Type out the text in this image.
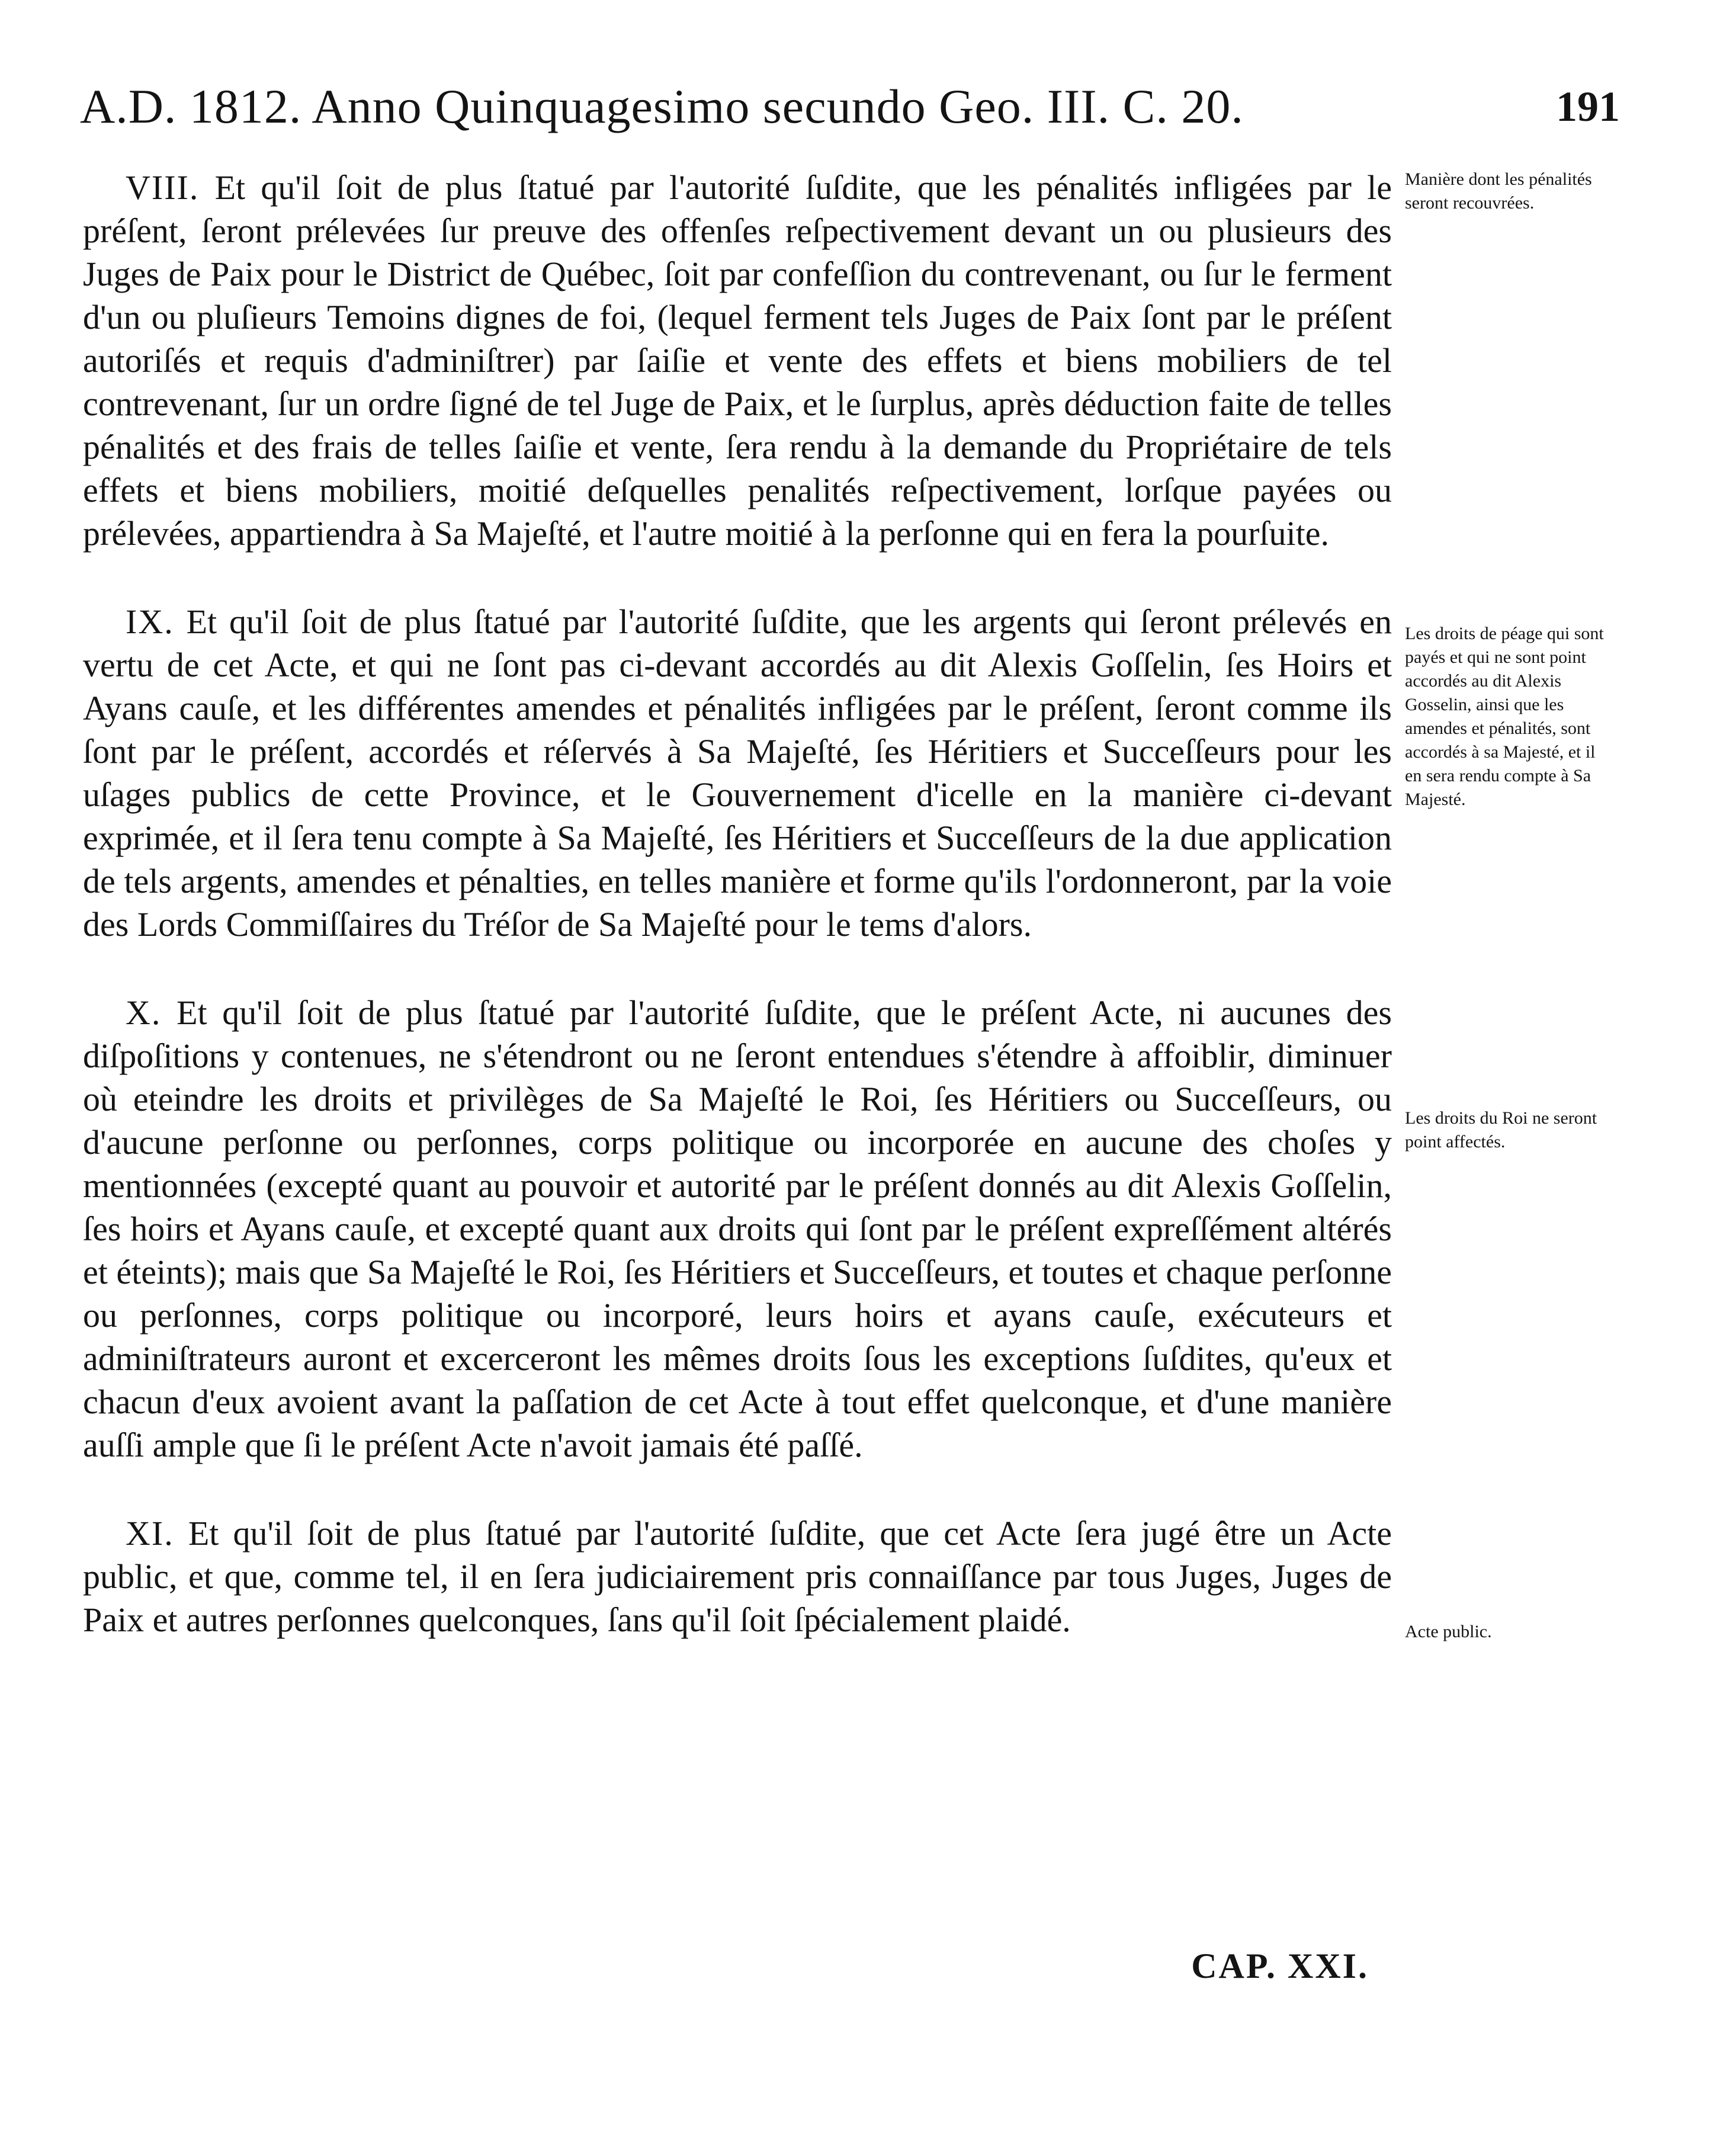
A.D. 1812. Anno Quinquagesimo secundo Geo. III. C. 20.	191

VIII. Et qu'il ſoit de plus ſtatué par l'autorité ſuſdite, que les pénalités infligées par le préſent, ſeront prélevées ſur preuve des offenſes reſpectivement devant un ou plusieurs des Juges de Paix pour le District de Québec, ſoit par confeſſion du contrevenant, ou ſur le ferment d'un ou pluſieurs Temoins dignes de foi, (lequel ferment tels Juges de Paix ſont par le préſent autoriſés et requis d'adminiſtrer) par ſaiſie et vente des effets et biens mobiliers de tel contrevenant, ſur un ordre ſigné de tel Juge de Paix, et le ſurplus, après déduction faite de telles pénalités et des frais de telles ſaiſie et vente, ſera rendu à la demande du Propriétaire de tels effets et biens mobiliers, moitié deſquelles penalités reſpectivement, lorſque payées ou prélevées, appartiendra à Sa Majeſté, et l'autre moitié à la perſonne qui en fera la pourſuite.

IX. Et qu'il ſoit de plus ſtatué par l'autorité ſuſdite, que les argents qui ſeront prélevés en vertu de cet Acte, et qui ne ſont pas ci-devant accordés au dit Alexis Goſſelin, ſes Hoirs et Ayans cauſe, et les différentes amendes et pénalités infligées par le préſent, ſeront comme ils ſont par le préſent, accordés et réſervés à Sa Majeſté, ſes Héritiers et Succeſſeurs pour les uſages publics de cette Province, et le Gouvernement d'icelle en la manière ci-devant exprimée, et il ſera tenu compte à Sa Majeſté, ſes Héritiers et Succeſſeurs de la due application de tels argents, amendes et pénalties, en telles manière et forme qu'ils l'ordonneront, par la voie des Lords Commiſſaires du Tréſor de Sa Majeſté pour le tems d'alors.

X. Et qu'il ſoit de plus ſtatué par l'autorité ſuſdite, que le préſent Acte, ni aucunes des diſpoſitions y contenues, ne s'étendront ou ne ſeront entendues s'étendre à affoiblir, diminuer où eteindre les droits et privilèges de Sa Majeſté le Roi, ſes Héritiers ou Succeſſeurs, ou d'aucune perſonne ou perſonnes, corps politique ou incorporée en aucune des choſes y mentionnées (excepté quant au pouvoir et autorité par le préſent donnés au dit Alexis Goſſelin, ſes hoirs et Ayans cauſe, et excepté quant aux droits qui ſont par le préſent expreſſément altérés et éteints); mais que Sa Majeſté le Roi, ſes Héritiers et Succeſſeurs, et toutes et chaque perſonne ou perſonnes, corps politique ou incorporé, leurs hoirs et ayans cauſe, exécuteurs et adminiſtrateurs auront et excerceront les mêmes droits ſous les exceptions ſuſdites, qu'eux et chacun d'eux avoient avant la paſſation de cet Acte à tout effet quelconque, et d'une manière auſſi ample que ſi le préſent Acte n'avoit jamais été paſſé.

XI. Et qu'il ſoit de plus ſtatué par l'autorité ſuſdite, que cet Acte ſera jugé être un Acte public, et que, comme tel, il en ſera judiciairement pris connaiſſance par tous Juges, Juges de Paix et autres perſonnes quelconques, ſans qu'il ſoit ſpécialement plaidé.

Manière dont les pénalités seront recouvrées.
Les droits de péage qui sont payés et qui ne sont point accordés au dit Alexis Gosselin, ainsi que les amendes et pénalités, sont accordés à sa Majesté, et il en sera rendu compte à Sa Majesté.
Les droits du Roi ne seront point affectés.
Acte public.
CAP. XXI.
